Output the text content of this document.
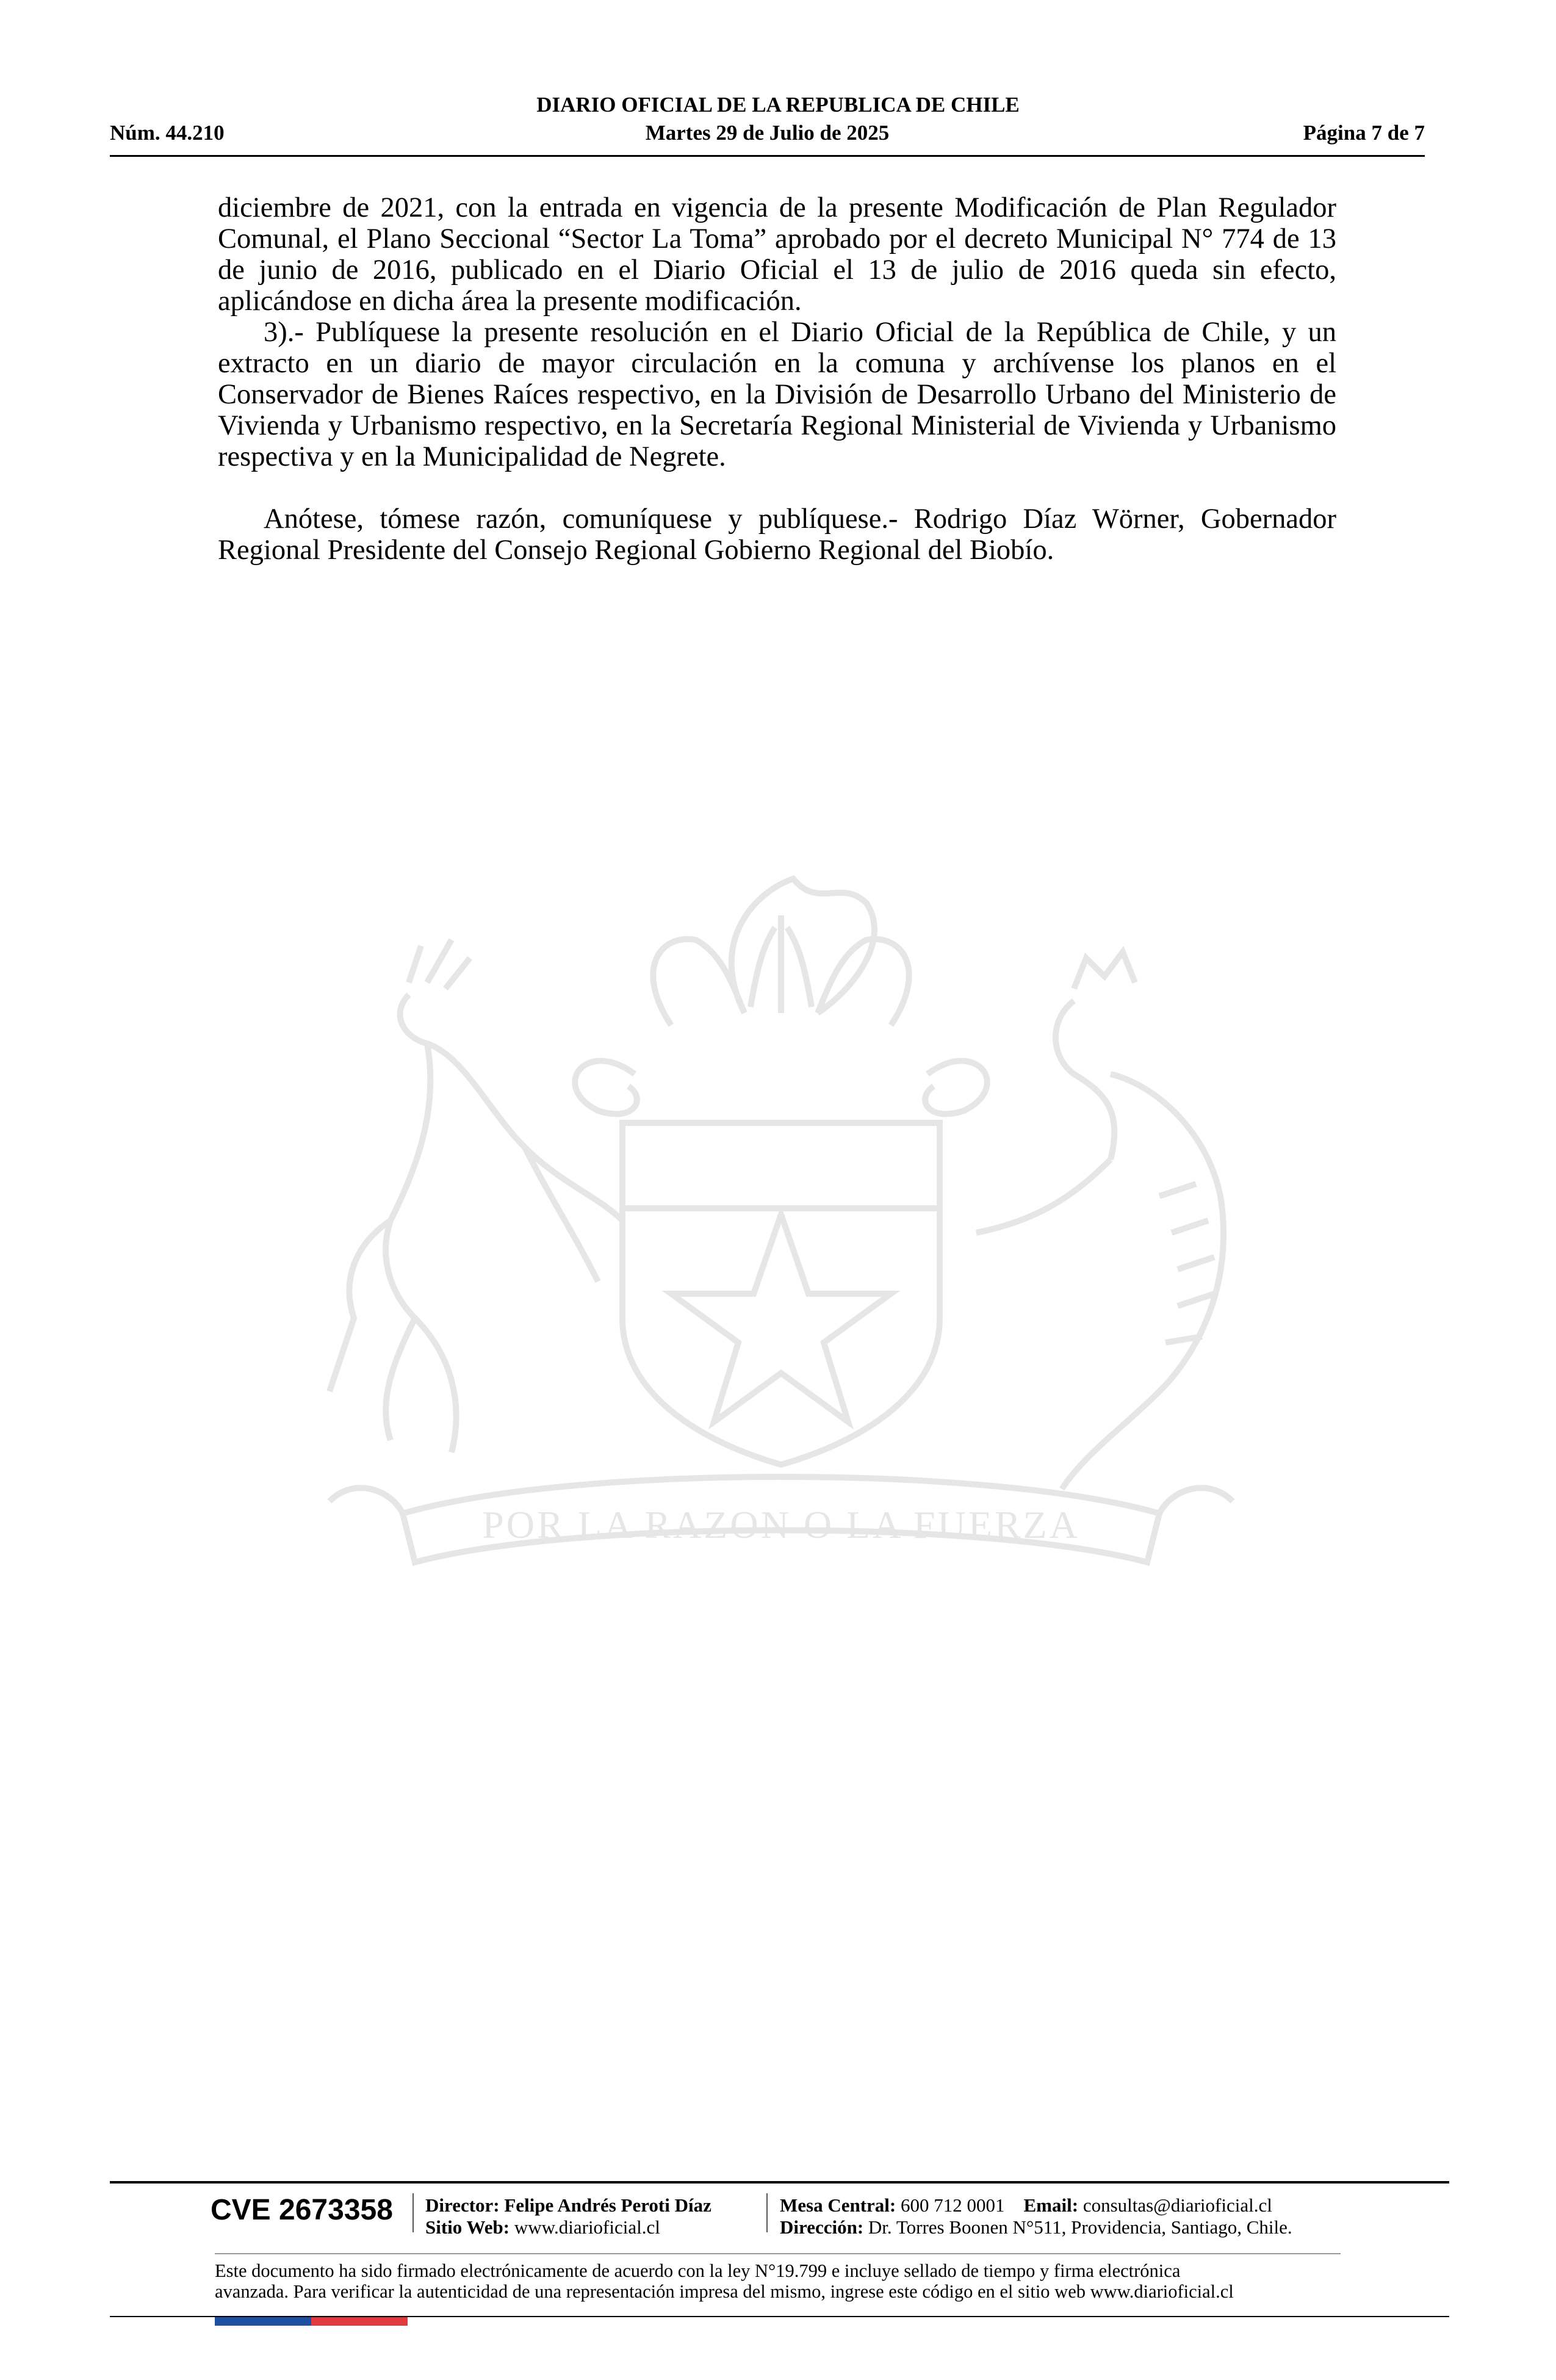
DIARIO OFICIAL DE LA REPUBLICA DE CHILE
Martes 29 de Julio de 2025
Núm. 44.210	Página 7 de 7
POR LA RAZON O LA FUERZA

diciembre de 2021, con la entrada en vigencia de la presente Modificación de Plan Regulador Comunal, el Plano Seccional “Sector La Toma” aprobado por el decreto Municipal N° 774 de 13 de junio de 2016, publicado en el Diario Oficial el 13 de julio de 2016 queda sin efecto, aplicándose en dicha área la presente modificación.

3).- Publíquese la presente resolución en el Diario Oficial de la República de Chile, y un extracto en un diario de mayor circulación en la comuna y archívense los planos en el Conservador de Bienes Raíces respectivo, en la División de Desarrollo Urbano del Ministerio de Vivienda y Urbanismo respectivo, en la Secretaría Regional Ministerial de Vivienda y Urbanismo respectiva y en la Municipalidad de Negrete.

Anótese, tómese razón, comuníquese y publíquese.- Rodrigo Díaz Wörner, Gobernador Regional Presidente del Consejo Regional Gobierno Regional del Biobío.

CVE 2673358 Director: Felipe Andrés Peroti Díaz
Sitio Web: www.diarioficial.cl
Mesa Central: 600 712 0001 Email: consultas@diarioficial.cl
Dirección: Dr. Torres Boonen N°511, Providencia, Santiago, Chile.

Este documento ha sido firmado electrónicamente de acuerdo con la ley N°19.799 e incluye sellado de tiempo y firma electrónica

avanzada. Para verificar la autenticidad de una representación impresa del mismo, ingrese este código en el sitio web www.diarioficial.cl
